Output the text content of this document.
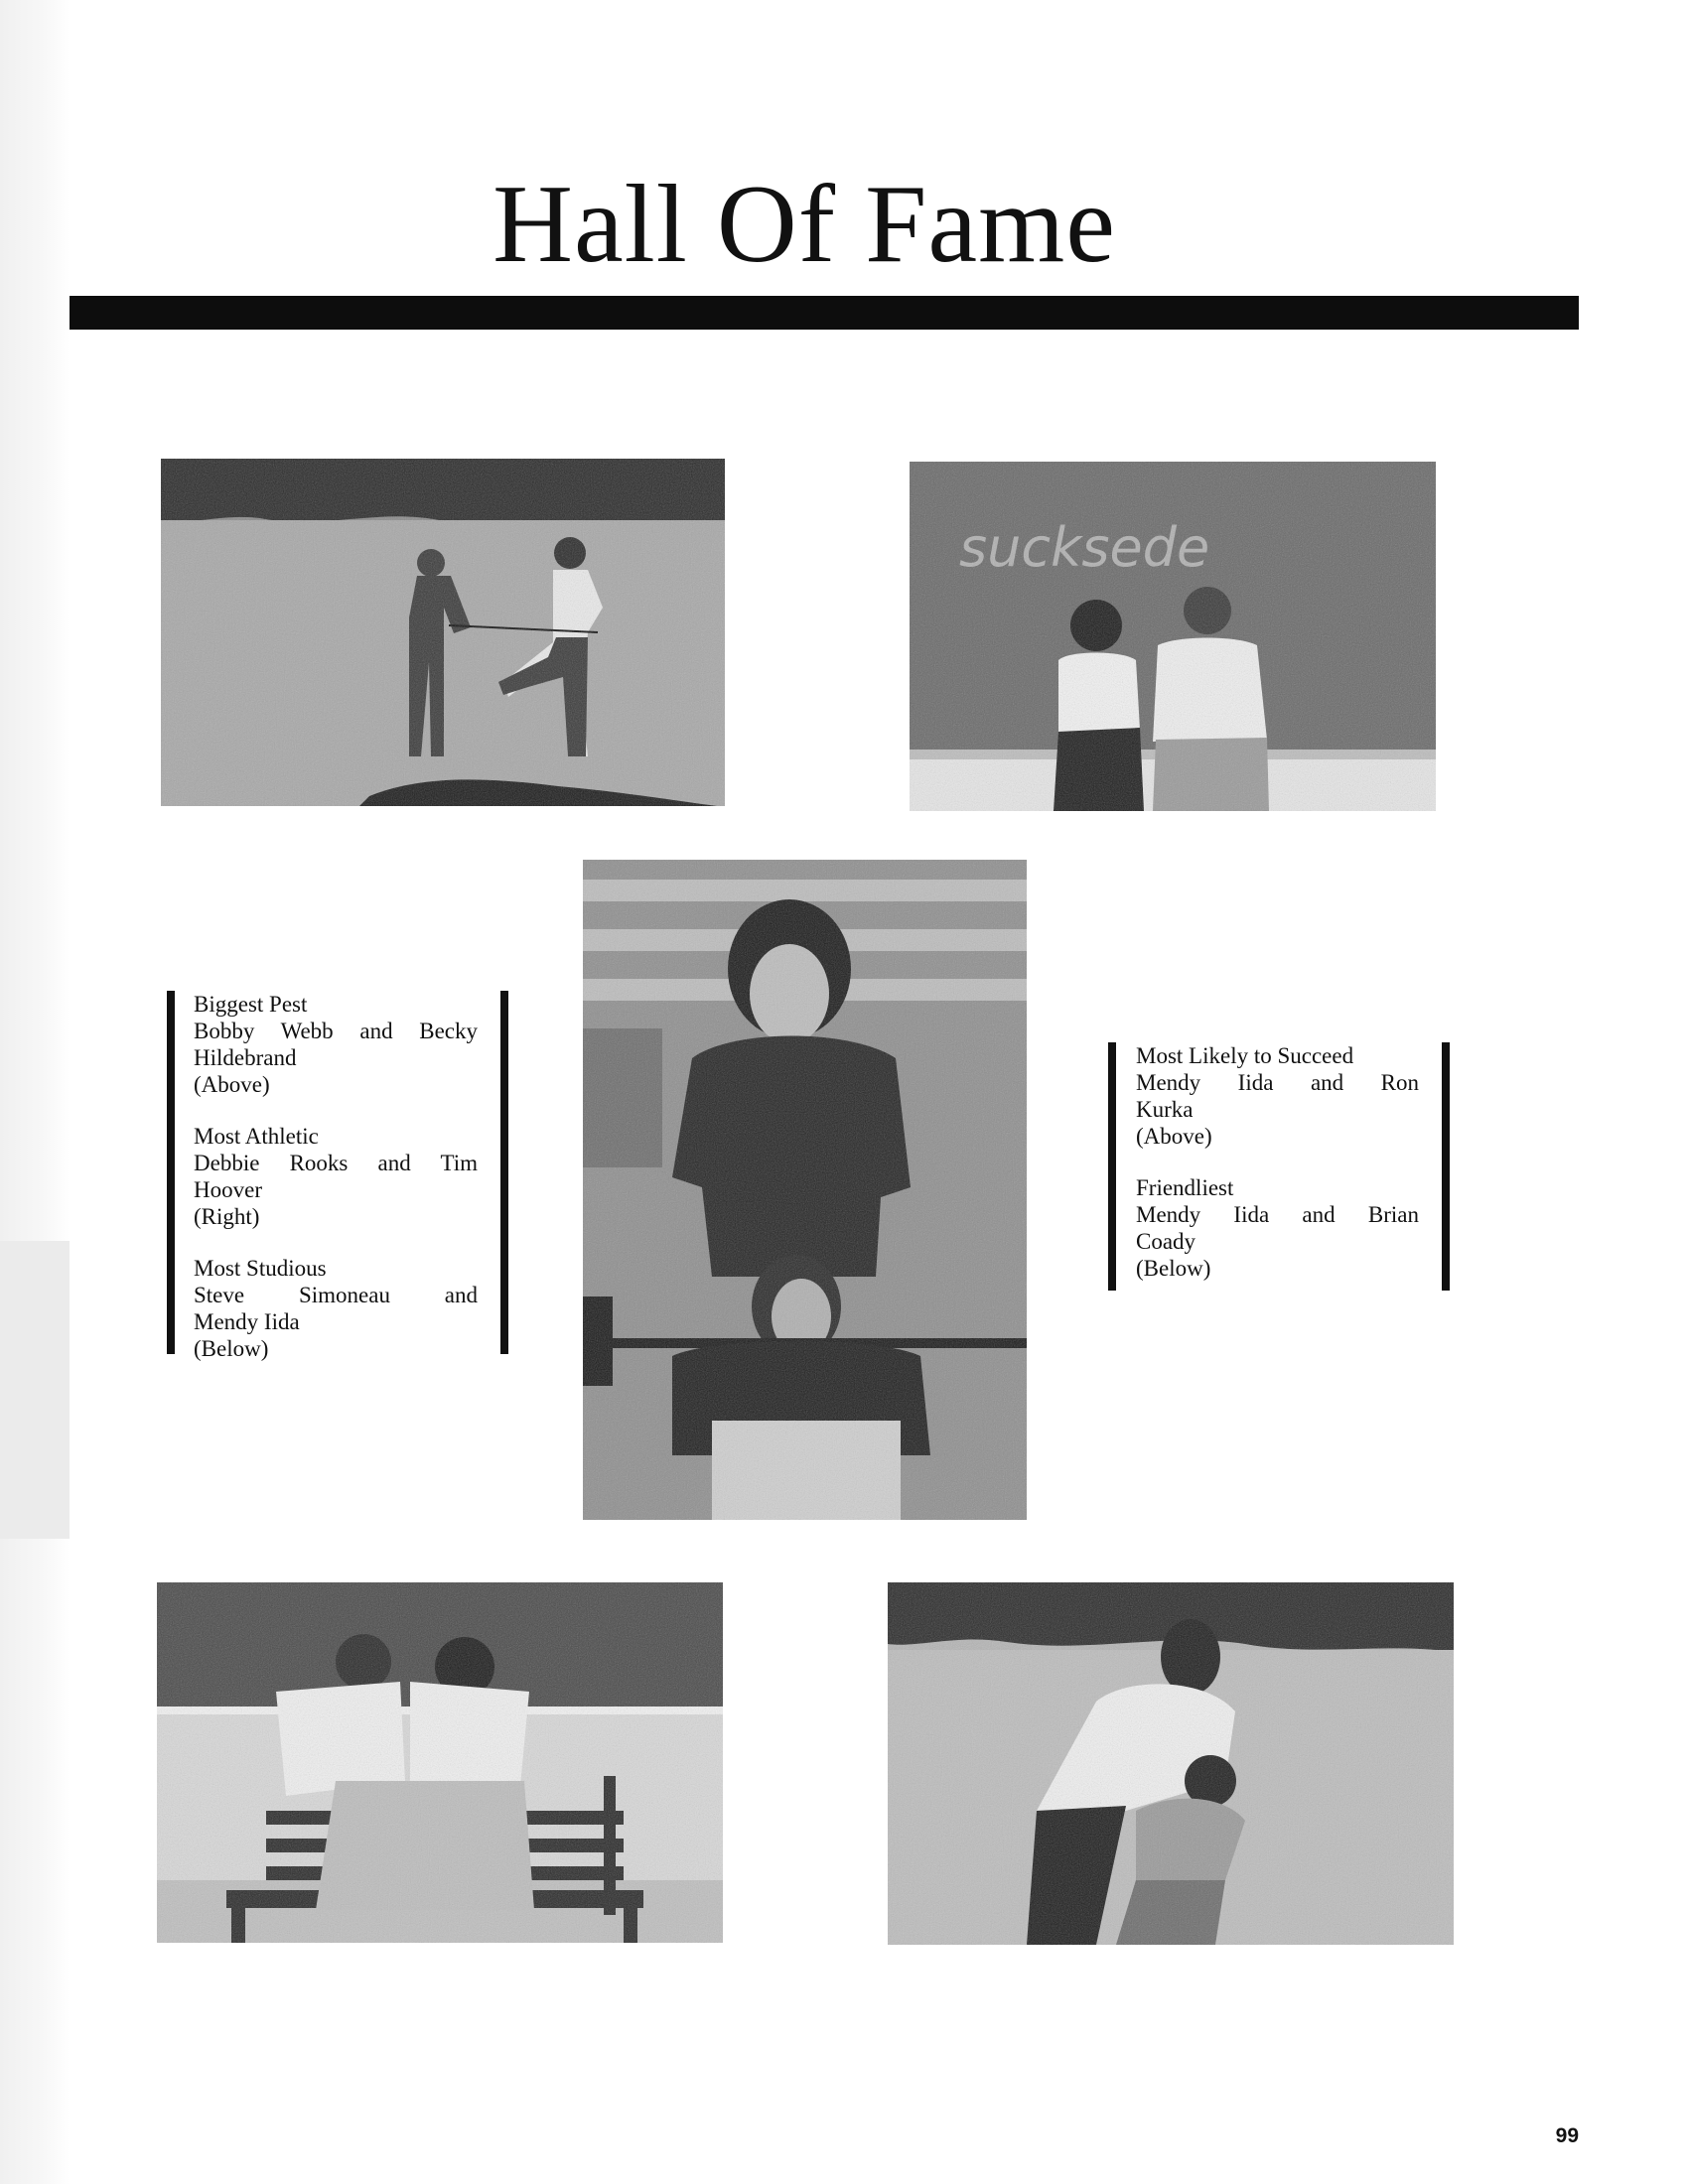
Hall Of Fame
Biggest Pest
Bobby Webb and Becky
Hildebrand
(Above)
Most Athletic
Debbie Rooks and Tim
Hoover
(Right)
Most Studious
Steve Simoneau and
Mendy Iida
(Below)
Most Likely to Succeed
Mendy Iida and Ron
Kurka
(Above)
Friendliest
Mendy Iida and Brian
Coady
(Below)
99
